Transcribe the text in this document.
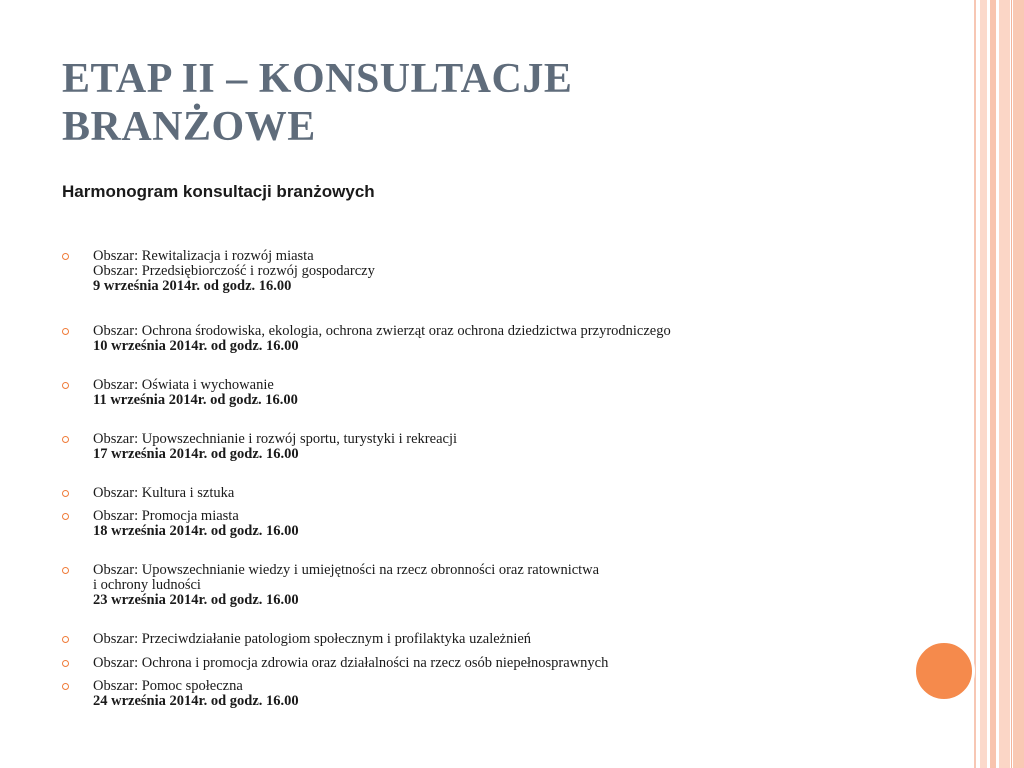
ETAP II – KONSULTACJE
BRANŻOWE
Harmonogram konsultacji branżowych
Obszar: Rewitalizacja i rozwój miasta
Obszar: Przedsiębiorczość i rozwój gospodarczy
9 września 2014r. od godz. 16.00
Obszar: Ochrona środowiska, ekologia, ochrona zwierząt oraz ochrona dziedzictwa przyrodniczego
10 września 2014r. od godz. 16.00
Obszar: Oświata i wychowanie
11 września 2014r. od godz. 16.00
Obszar: Upowszechnianie i rozwój sportu, turystyki i rekreacji
17 września 2014r. od godz. 16.00
Obszar: Kultura i sztuka
Obszar: Promocja miasta
18 września 2014r. od godz. 16.00
Obszar: Upowszechnianie wiedzy i umiejętności na rzecz obronności oraz ratownictwa
i ochrony ludności
23 września 2014r. od godz. 16.00
Obszar: Przeciwdziałanie patologiom społecznym i profilaktyka uzależnień
Obszar: Ochrona i promocja zdrowia oraz działalności na rzecz osób niepełnosprawnych
Obszar: Pomoc społeczna
24 września 2014r. od godz. 16.00
